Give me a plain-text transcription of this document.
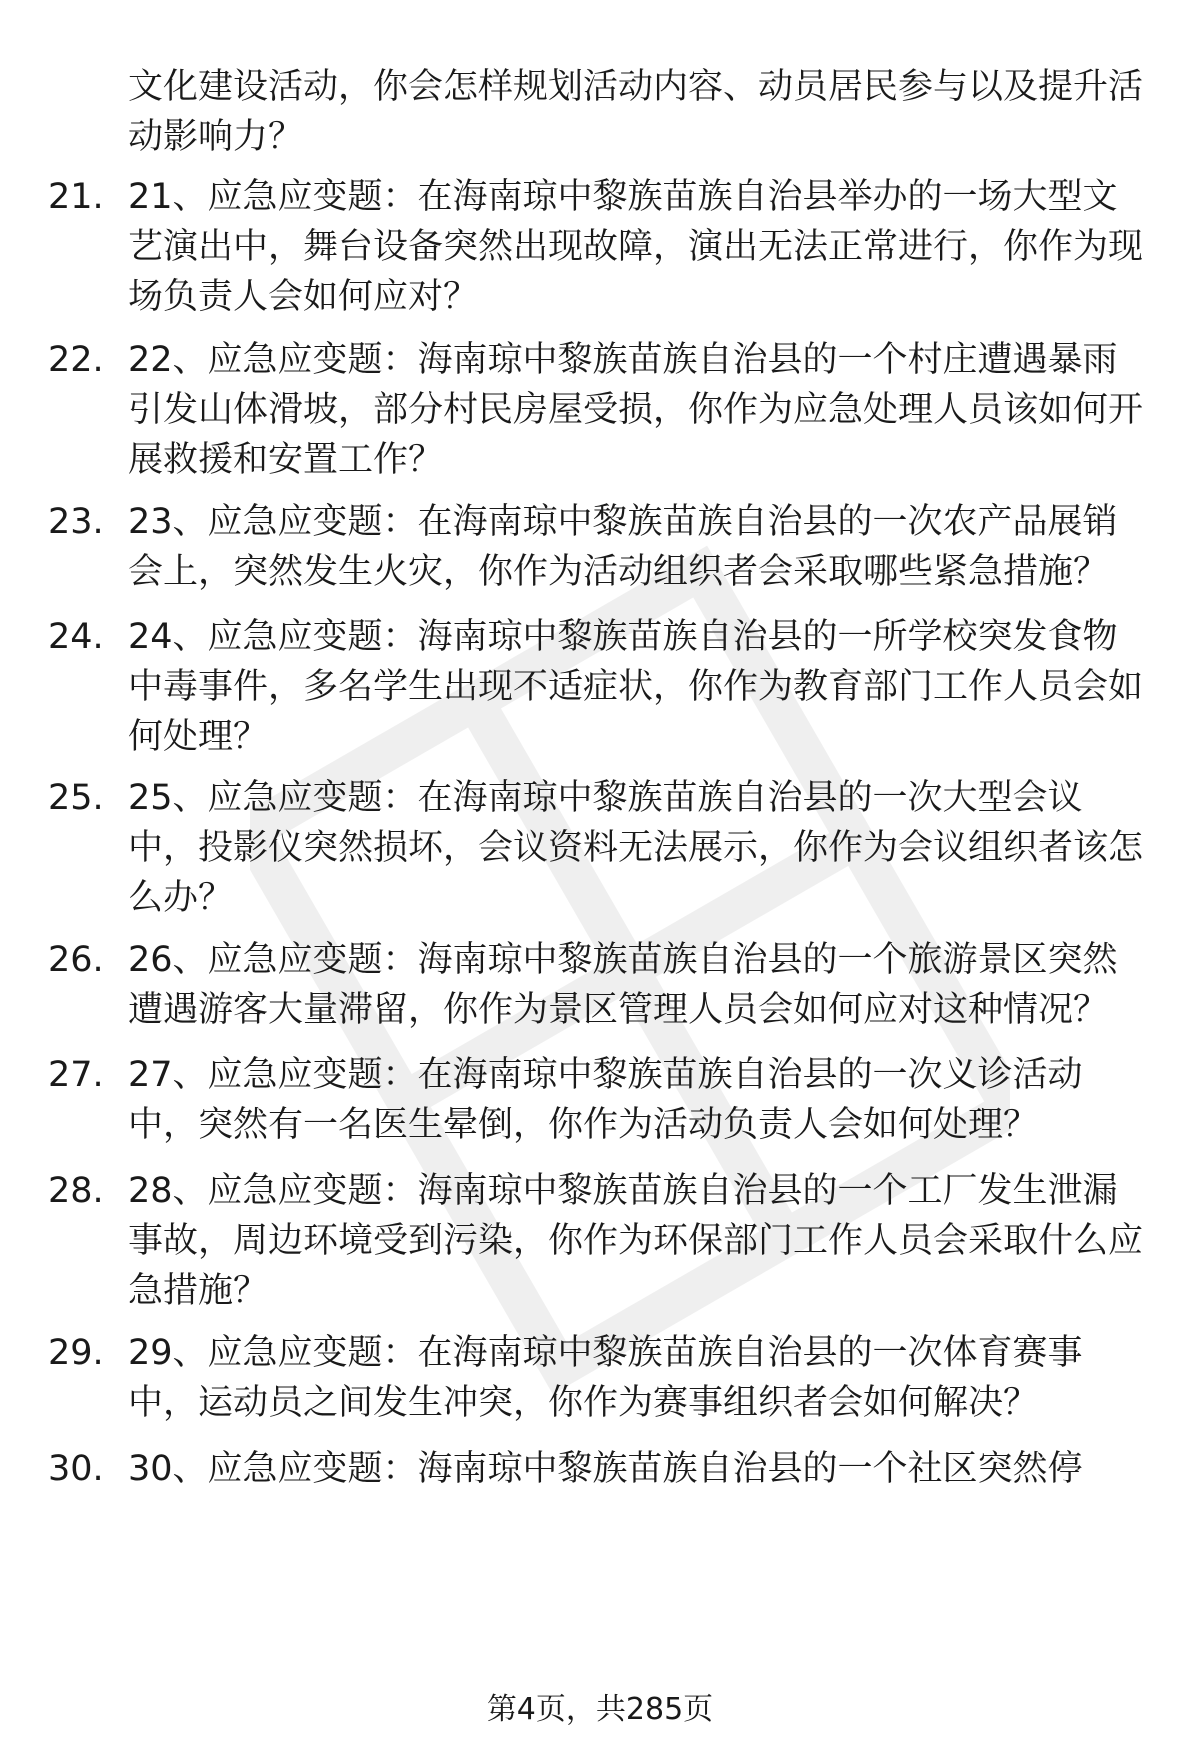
文化建设活动，你会怎样规划活动内容、动员居民参与以及提升活动影响力？

21. 21、应急应变题：在海南琼中黎族苗族自治县举办的一场大型文艺演出中，舞台设备突然出现故障，演出无法正常进行，你作为现场负责人会如何应对？

22. 22、应急应变题：海南琼中黎族苗族自治县的一个村庄遭遇暴雨引发山体滑坡，部分村民房屋受损，你作为应急处理人员该如何开展救援和安置工作？

23. 23、应急应变题：在海南琼中黎族苗族自治县的一次农产品展销会上，突然发生火灾，你作为活动组织者会采取哪些紧急措施？

24. 24、应急应变题：海南琼中黎族苗族自治县的一所学校突发食物中毒事件，多名学生出现不适症状，你作为教育部门工作人员会如何处理？

25. 25、应急应变题：在海南琼中黎族苗族自治县的一次大型会议中，投影仪突然损坏，会议资料无法展示，你作为会议组织者该怎么办？

26. 26、应急应变题：海南琼中黎族苗族自治县的一个旅游景区突然遭遇游客大量滞留，你作为景区管理人员会如何应对这种情况？

27. 27、应急应变题：在海南琼中黎族苗族自治县的一次义诊活动中，突然有一名医生晕倒，你作为活动负责人会如何处理？

28. 28、应急应变题：海南琼中黎族苗族自治县的一个工厂发生泄漏事故，周边环境受到污染，你作为环保部门工作人员会采取什么应急措施？

29. 29、应急应变题：在海南琼中黎族苗族自治县的一次体育赛事中，运动员之间发生冲突，你作为赛事组织者会如何解决？

30. 30、应急应变题：海南琼中黎族苗族自治县的一个社区突然停

第4页，共285页
